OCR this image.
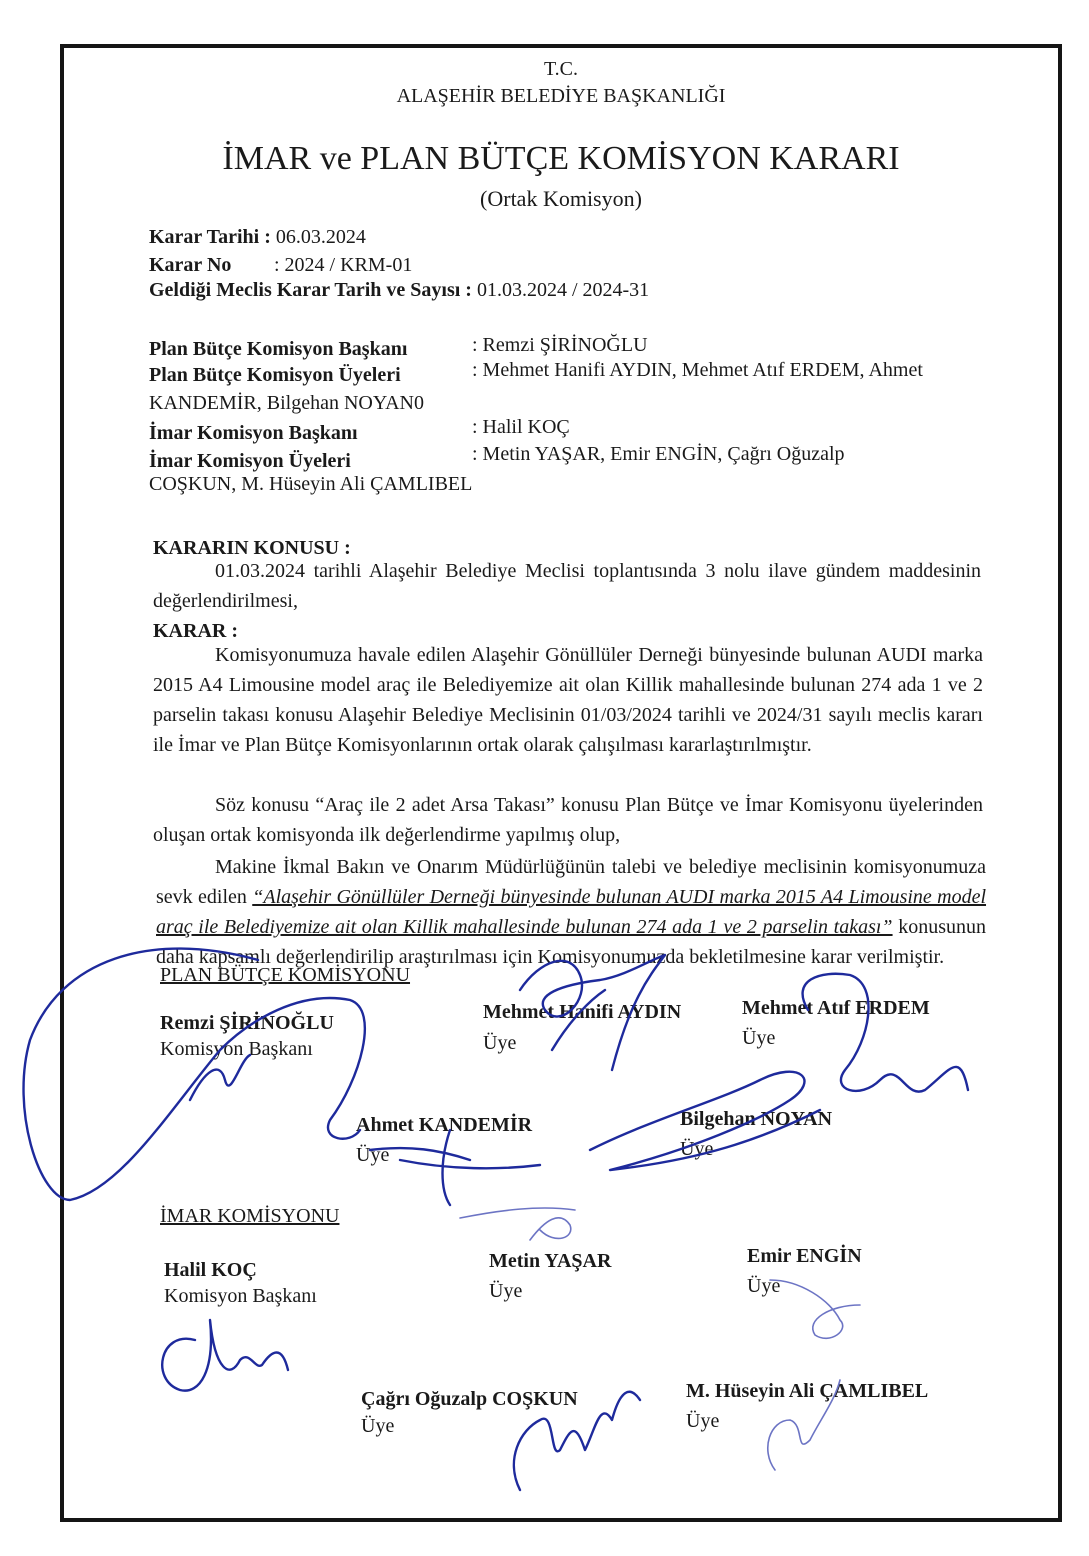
T.C.
ALAŞEHİR BELEDİYE BAŞKANLIĞI
İMAR ve PLAN BÜTÇE KOMİSYON KARARI
(Ortak Komisyon)
Karar Tarihi : 06.03.2024
Karar No : 2024 / KRM-01
Geldiği Meclis Karar Tarih ve Sayısı : 01.03.2024 / 2024-31
Plan Bütçe Komisyon Başkanı	: Remzi ŞİRİNOĞLU
Plan Bütçe Komisyon Üyeleri	: Mehmet Hanifi AYDIN, Mehmet Atıf ERDEM, Ahmet
KANDEMİR, Bilgehan NOYAN0
İmar Komisyon Başkanı	: Halil KOÇ
İmar Komisyon Üyeleri	: Metin YAŞAR, Emir ENGİN, Çağrı Oğuzalp
COŞKUN, M. Hüseyin Ali ÇAMLIBEL
KARARIN KONUSU :
01.03.2024 tarihli Alaşehir Belediye Meclisi toplantısında 3 nolu ilave gündem maddesinin değerlendirilmesi,
KARAR :
Komisyonumuza havale edilen Alaşehir Gönüllüler Derneği bünyesinde bulunan AUDI marka 2015 A4 Limousine model araç ile Belediyemize ait olan Killik mahallesinde bulunan 274 ada 1 ve 2 parselin takası konusu Alaşehir Belediye Meclisinin 01/03/2024 tarihli ve 2024/31 sayılı meclis kararı ile İmar ve Plan Bütçe Komisyonlarının ortak olarak çalışılması kararlaştırılmıştır.
Söz konusu “Araç ile 2 adet Arsa Takası” konusu Plan Bütçe ve İmar Komisyonu üyelerinden oluşan ortak komisyonda ilk değerlendirme yapılmış olup,
Makine İkmal Bakın ve Onarım Müdürlüğünün talebi ve belediye meclisinin komisyonumuza sevk edilen “Alaşehir Gönüllüler Derneği bünyesinde bulunan AUDI marka 2015 A4 Limousine model araç ile Belediyemize ait olan Killik mahallesinde bulunan 274 ada 1 ve 2 parselin takası” konusunun daha kapsamlı değerlendirilip araştırılması için Komisyonumuzda bekletilmesine karar verilmiştir.
PLAN BÜTÇE KOMİSYONU
Remzi ŞİRİNOĞLU
Komisyon Başkanı
Mehmet Hanifi AYDIN
Üye
Mehmet Atıf ERDEM
Üye
Ahmet KANDEMİR
Üye
Bilgehan NOYAN
Üye
İMAR KOMİSYONU
Halil KOÇ
Komisyon Başkanı
Metin YAŞAR
Üye
Emir ENGİN
Üye
Çağrı Oğuzalp COŞKUN
Üye
M. Hüseyin Ali ÇAMLIBEL
Üye
